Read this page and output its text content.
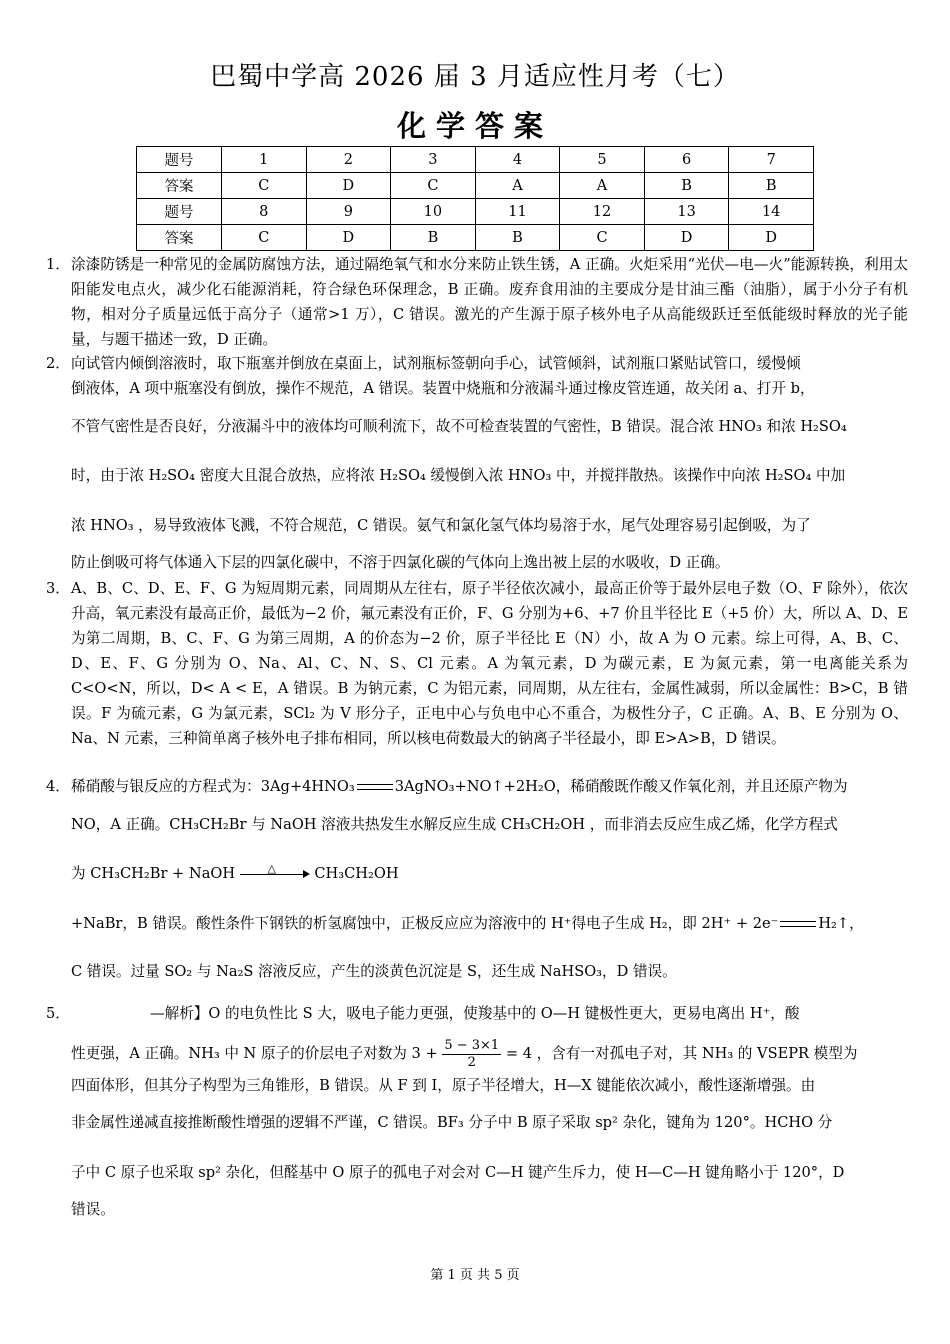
巴蜀中学高 2026 届 3 月适应性月考（七）
化学答案
题号	1	2	3	4	5	6	7
答案	C	D	C	A	A	B	B
题号	8	9	10	11	12	13	14
答案	C	D	B	B	C	D	D
1． 涂漆防锈是一种常见的金属防腐蚀方法，通过隔绝氧气和水分来防止铁生锈，A 正确。火炬采用“光伏—电—火”能源转换，利用太阳能发电点火，减少化石能源消耗，符合绿色环保理念，B 正确。废弃食用油的主要成分是甘油三酯（油脂），属于小分子有机物，相对分子质量远低于高分子（通常>1 万），C 错误。激光的产生源于原子核外电子从高能级跃迁至低能级时释放的光子能量，与题干描述一致，D 正确。
2． 向试管内倾倒溶液时，取下瓶塞并倒放在桌面上，试剂瓶标签朝向手心，试管倾斜，试剂瓶口紧贴试管口，缓慢倾
倒液体，A 项中瓶塞没有倒放，操作不规范，A 错误。装置中烧瓶和分液漏斗通过橡皮管连通，故关闭 a、打开 b，
不管气密性是否良好，分液漏斗中的液体均可顺利流下，故不可检查装置的气密性，B 错误。混合浓 HNO₃ 和浓 H₂SO₄
时，由于浓 H₂SO₄ 密度大且混合放热，应将浓 H₂SO₄ 缓慢倒入浓 HNO₃ 中，并搅拌散热。该操作中向浓 H₂SO₄ 中加
浓 HNO₃ ，易导致液体飞溅，不符合规范，C 错误。氨气和氯化氢气体均易溶于水，尾气处理容易引起倒吸，为了
防止倒吸可将气体通入下层的四氯化碳中，不溶于四氯化碳的气体向上逸出被上层的水吸收，D 正确。
3． A、B、C、D、E、F、G 为短周期元素，同周期从左往右，原子半径依次减小，最高正价等于最外层电子数（O、F 除外），依次升高，氧元素没有最高正价，最低为−2 价，氟元素没有正价，F、G 分别为+6、+7 价且半径比 E（+5 价）大，所以 A、D、E 为第二周期，B、C、F、G 为第三周期，A 的价态为−2 价，原子半径比 E（N）小，故 A 为 O 元素。综上可得，A、B、C、D、E、F、G 分别为 O、Na、Al、C、N、S、Cl 元素。A 为氧元素，D 为碳元素，E 为氮元素，第一电离能关系为 C<O<N，所以，D< A < E，A 错误。B 为钠元素，C 为铝元素，同周期，从左往右，金属性减弱，所以金属性：B>C，B 错误。F 为硫元素，G 为氯元素，SCl₂ 为 V 形分子，正电中心与负电中心不重合，为极性分子，C 正确。A、B、E 分别为 O、Na、N 元素，三种简单离子核外电子排布相同，所以核电荷数最大的钠离子半径最小，即 E>A>B，D 错误。
4． 稀硝酸与银反应的方程式为：3Ag+4HNO₃	3AgNO₃+NO↑+2H₂O，稀硝酸既作酸又作氧化剂，并且还原产物为
NO，A 正确。CH₃CH₂Br 与 NaOH 溶液共热发生水解反应生成 CH₃CH₂OH ，而非消去反应生成乙烯，化学方程式
为 CH₃CH₂Br + NaOH	△	CH₃CH₂OH
+NaBr，B 错误。酸性条件下钢铁的析氢腐蚀中，正极反应应为溶液中的 H⁺得电子生成 H₂，即 2H⁺ + 2e⁻	H₂↑，
C 错误。过量 SO₂ 与 Na₂S 溶液反应，产生的淡黄色沉淀是 S，还生成 NaHSO₃，D 错误。
5．	—解析】O 的电负性比 S 大，吸电子能力更强，使羧基中的 O—H 键极性更大，更易电离出 H⁺，酸
性更强，A 正确。NH₃ 中 N 原子的价层电子对数为 $3 + \frac{5 - 3\times 1}{2} = 4$ ，含有一对孤电子对，其 NH₃ 的 VSEPR 模型为
四面体形，但其分子构型为三角锥形，B 错误。从 F 到 I，原子半径增大，H—X 键能依次减小，酸性逐渐增强。由
非金属性递减直接推断酸性增强的逻辑不严谨，C 错误。BF₃ 分子中 B 原子采取 sp² 杂化，键角为 120°。HCHO 分
子中 C 原子也采取 sp² 杂化，但醛基中 O 原子的孤电子对会对 C—H 键产生斥力，使 H—C—H 键角略小于 120°，D
错误。
第 1 页 共 5 页
